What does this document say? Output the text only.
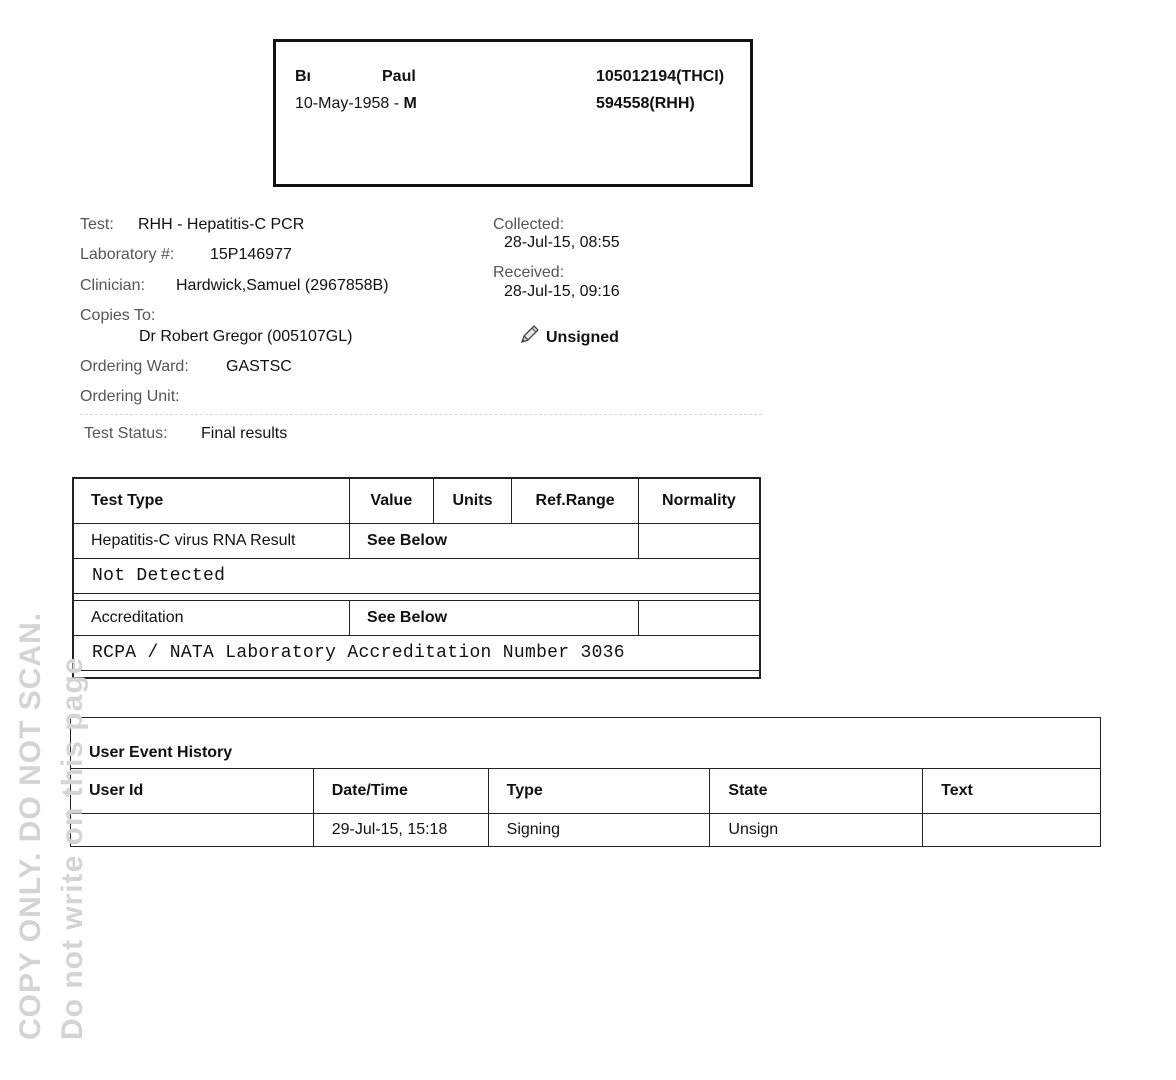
Bı	Paul
10-May-1958 - M
105012194(THCI)
594558(RHH)
Test: RHH - Hepatitis-C PCR
Laboratory #: 15P146977
Clinician: Hardwick,Samuel (2967858B)
Copies To:
Dr Robert Gregor (005107GL)
Ordering Ward: GASTSC
Ordering Unit:
Test Status: Final results
Collected:
28-Jul-15, 08:55
Received:
28-Jul-15, 09:16
Unsigned
Test Type	Value	Units	Ref.Range	Normality
Hepatitis-C virus RNA Result	See Below			
Not Detected				

Accreditation	See Below			
RCPA / NATA Laboratory Accreditation Number 3036				

User Event History				
User Id	Date/Time	Type	State	Text
	29-Jul-15, 15:18	Signing	Unsign	
COPY ONLY. DO NOT SCAN. Do not write on this page
